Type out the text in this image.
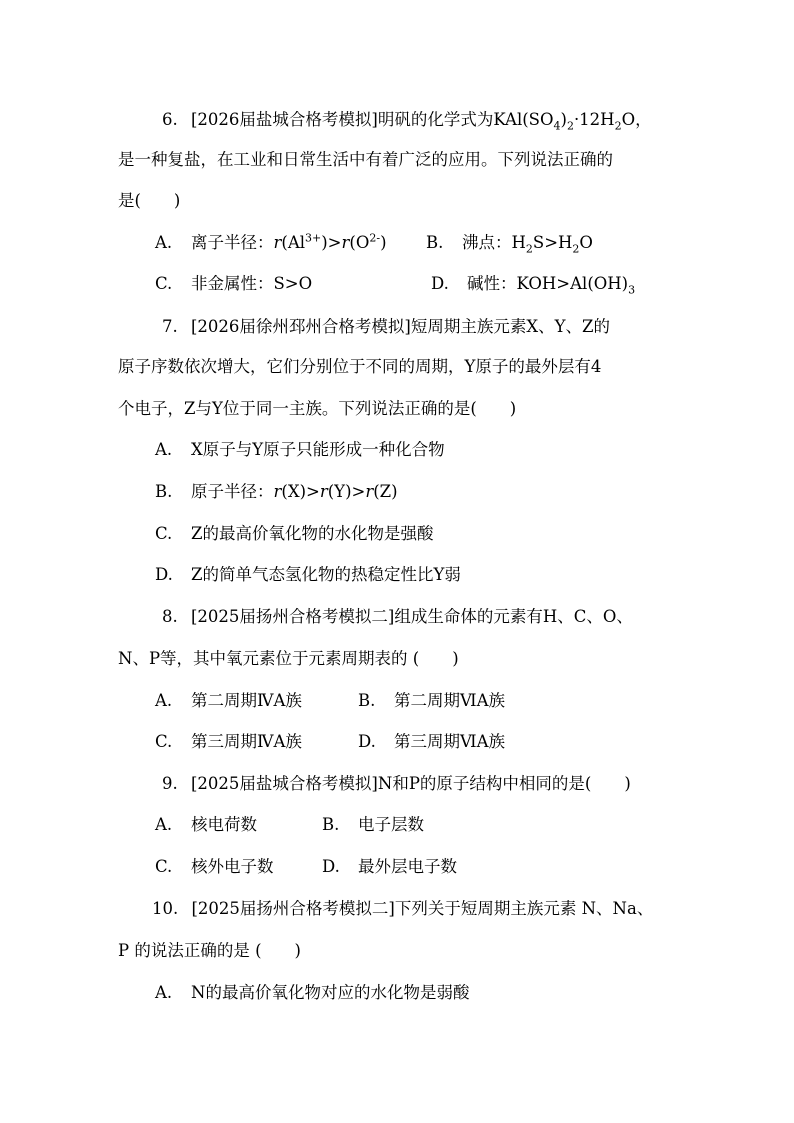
6. [2026届盐城合格考模拟]明矾的化学式为$KAl(SO_4)_2\cdot 12H_2O$，
是一种复盐，在工业和日常生活中有着广泛的应用。下列说法正确的
是(　　)
A. 离子半径：$r(Al^{3+})>r(O^{2-})$ B. 沸点：$H_2S>H_2O$
C. 非金属性：S>O	D. 碱性：$KOH>Al(OH)_3$
7. [2026届徐州邳州合格考模拟]短周期主族元素X、Y、Z的
原子序数依次增大，它们分别位于不同的周期，Y原子的最外层有4
个电子，Z与Y位于同一主族。下列说法正确的是(　　)
A. X原子与Y原子只能形成一种化合物
B. 原子半径：r(X)>r(Y)>r(Z)
C. Z的最高价氧化物的水化物是强酸
D. Z的简单气态氢化物的热稳定性比Y弱
8. [2025届扬州合格考模拟二]组成生命体的元素有H、C、O、
N、P等，其中氧元素位于元素周期表的 (　　)
A. 第二周期ⅣA族	B. 第二周期ⅥA族
C. 第三周期ⅣA族	D. 第三周期ⅥA族
9. [2025届盐城合格考模拟]N和P的原子结构中相同的是(　　)
A. 核电荷数	B. 电子层数
C. 核外电子数	D. 最外层电子数
10. [2025届扬州合格考模拟二]下列关于短周期主族元素 N、Na、
P 的说法正确的是 (　　)
A. N的最高价氧化物对应的水化物是弱酸
